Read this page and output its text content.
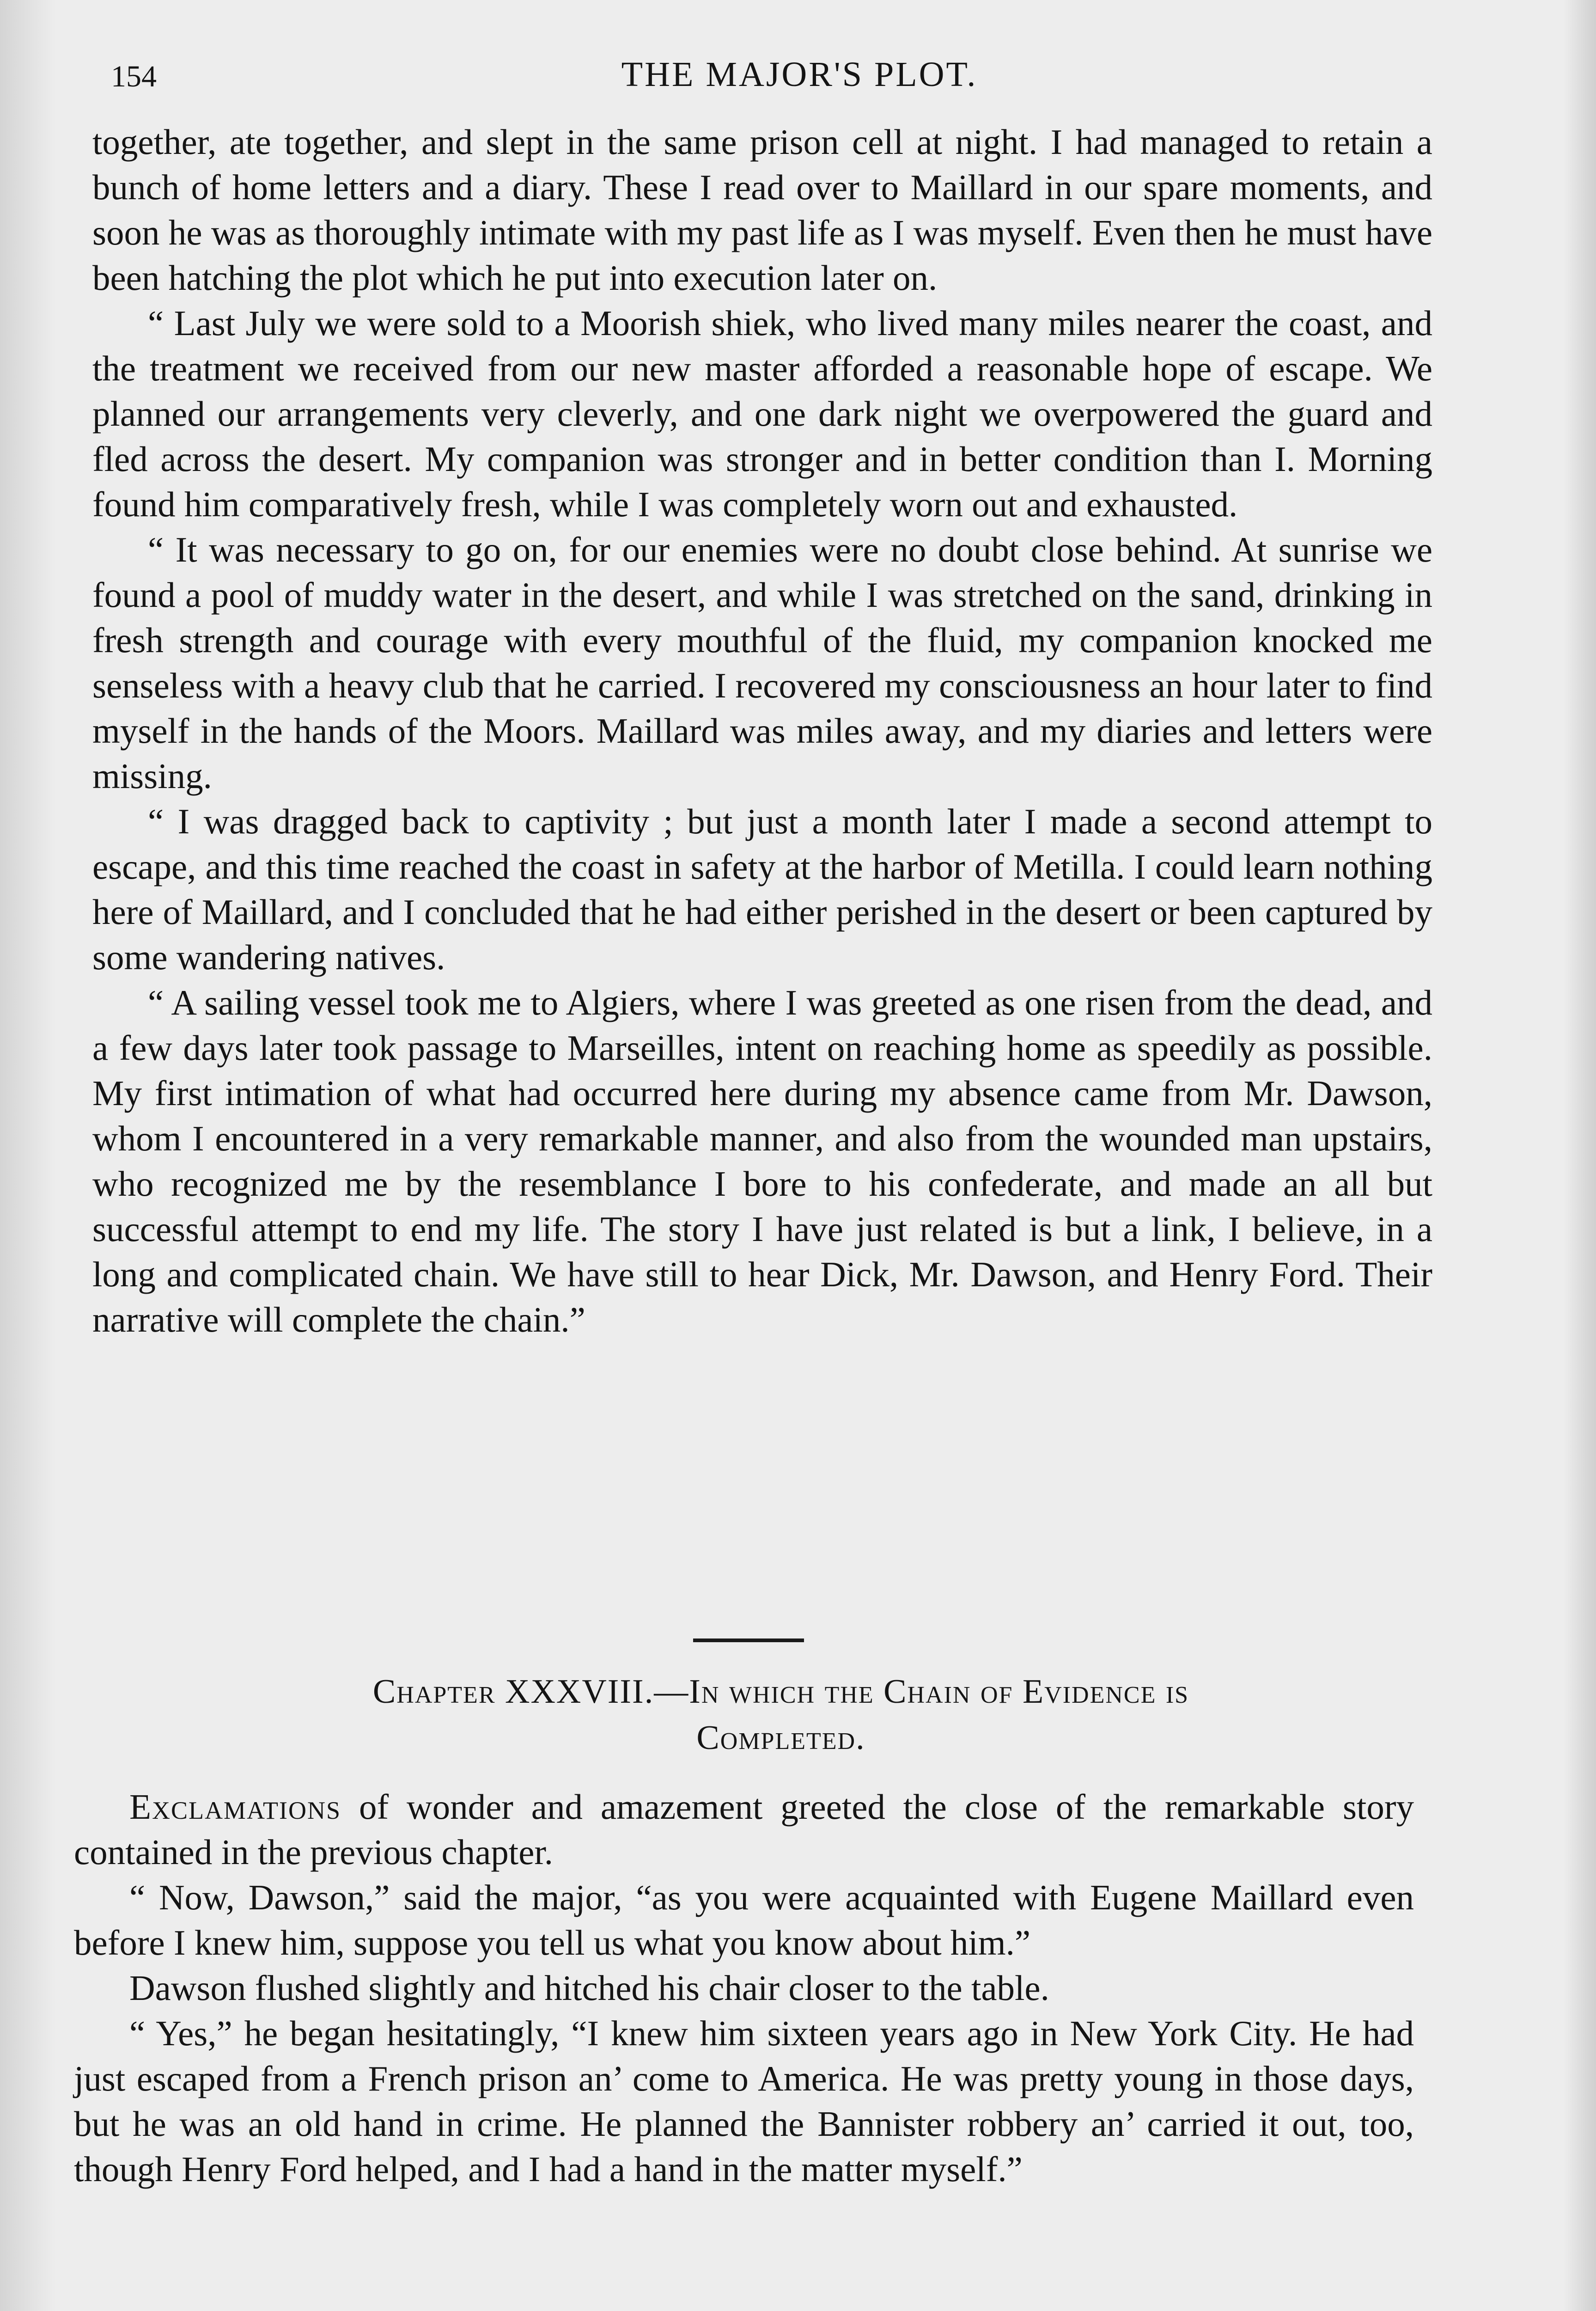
154	THE MAJOR'S PLOT.

together, ate together, and slept in the same prison cell at night. I had managed to retain a bunch of home letters and a diary. These I read over to Maillard in our spare moments, and soon he was as thoroughly intimate with my past life as I was myself. Even then he must have been hatching the plot which he put into execution later on.

“ Last July we were sold to a Moorish shiek, who lived many miles nearer the coast, and the treatment we received from our new master afforded a reasonable hope of escape. We planned our arrangements very cleverly, and one dark night we overpowered the guard and fled across the desert. My companion was stronger and in better condition than I. Morning found him comparatively fresh, while I was completely worn out and exhausted.

“ It was necessary to go on, for our enemies were no doubt close behind. At sunrise we found a pool of muddy water in the desert, and while I was stretched on the sand, drinking in fresh strength and courage with every mouthful of the fluid, my companion knocked me senseless with a heavy club that he carried. I recovered my consciousness an hour later to find myself in the hands of the Moors. Maillard was miles away, and my diaries and letters were missing.

“ I was dragged back to captivity ; but just a month later I made a second attempt to escape, and this time reached the coast in safety at the harbor of Metilla. I could learn nothing here of Maillard, and I concluded that he had either perished in the desert or been captured by some wandering natives.

“ A sailing vessel took me to Algiers, where I was greeted as one risen from the dead, and a few days later took passage to Marseilles, intent on reaching home as speedily as possible. My first intimation of what had occurred here during my absence came from Mr. Dawson, whom I encountered in a very remarkable manner, and also from the wounded man upstairs, who recognized me by the resemblance I bore to his confederate, and made an all but successful attempt to end my life. The story I have just related is but a link, I believe, in a long and complicated chain. We have still to hear Dick, Mr. Dawson, and Henry Ford. Their narrative will complete the chain.”

Chapter XXXVIII.—In which the Chain of Evidence is
Completed.

Exclamations of wonder and amazement greeted the close of the remarkable story contained in the previous chapter.

“ Now, Dawson,” said the major, “as you were acquainted with Eugene Maillard even before I knew him, suppose you tell us what you know about him.”

Dawson flushed slightly and hitched his chair closer to the table.

“ Yes,” he began hesitatingly, “I knew him sixteen years ago in New York City. He had just escaped from a French prison an’ come to America. He was pretty young in those days, but he was an old hand in crime. He planned the Bannister robbery an’ carried it out, too, though Henry Ford helped, and I had a hand in the matter myself.”
